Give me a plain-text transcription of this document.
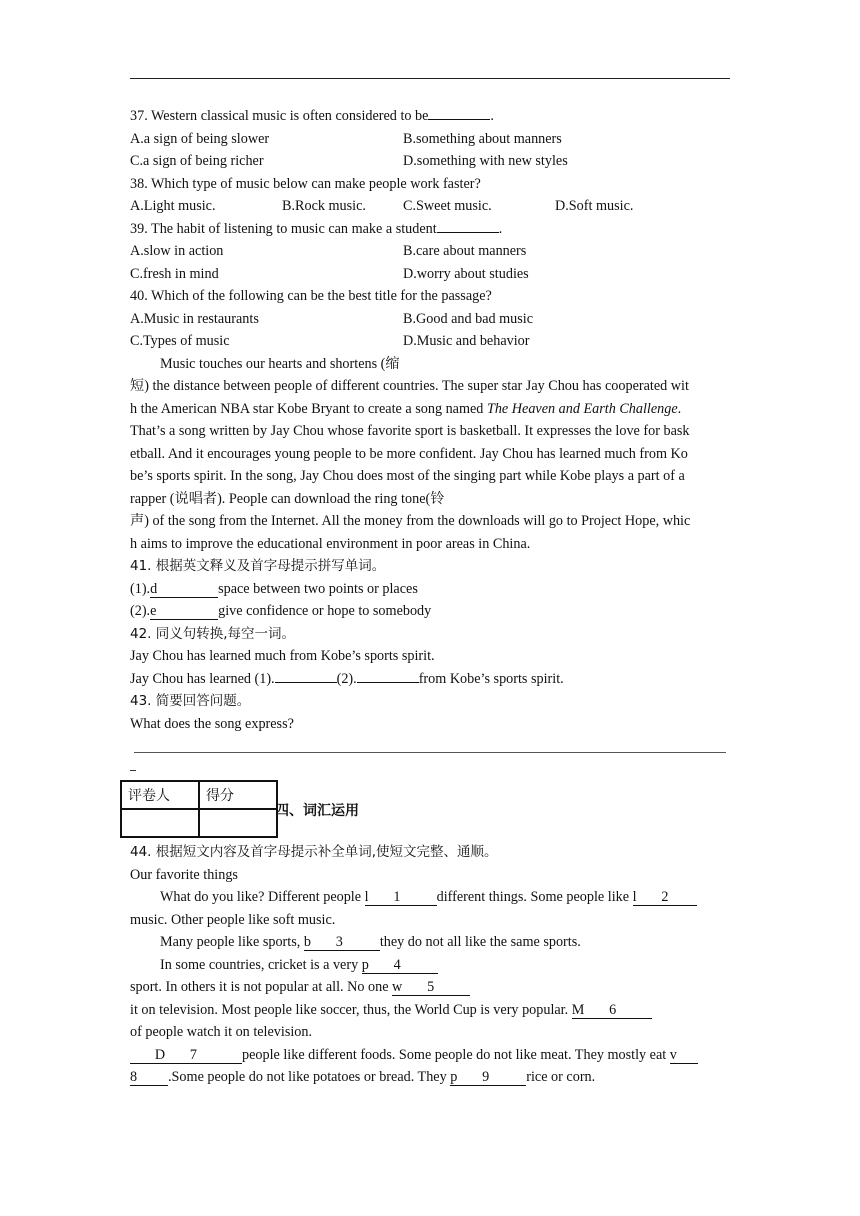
37. Western classical music is often considered to be	.
A.a sign of being slower	B.something about manners
C.a sign of being richer	D.something with new styles
38. Which type of music below can make people work faster?
A.Light music.	B.Rock music.	C.Sweet music.	D.Soft music.
39. The habit of listening to music can make a student	.
A.slow in action	B.care about manners
C.fresh in mind	D.worry about studies
40. Which of the following can be the best title for the passage?
A.Music in restaurants	B.Good and bad music
C.Types of music	D.Music and behavior
Music touches our hearts and shortens (缩
短) the distance between people of different countries. The super star Jay Chou has cooperated wit
h the American NBA star Kobe Bryant to create a song named The Heaven and Earth Challenge.
That’s a song written by Jay Chou whose favorite sport is basketball. It expresses the love for bask
etball. And it encourages young people to be more confident. Jay Chou has learned much from Ko
be’s sports spirit. In the song, Jay Chou does most of the singing part while Kobe plays a part of a
rapper (说唱者). People can download the ring tone(铃
声) of the song from the Internet. All the money from the downloads will go to Project Hope, whic
h aims to improve the educational environment in poor areas in China.
41. 根据英文释义及首字母提示拼写单词。
(1).d	space between two points or places
(2).e	give confidence or hope to somebody
42. 同义句转换,每空一词。
Jay Chou has learned much from Kobe’s sports spirit.
Jay Chou has learned (1).	(2).	from Kobe’s sports spirit.
43. 简要回答问题。
What does the song express?
评卷人	得分

四、词汇运用
44. 根据短文内容及首字母提示补全单词,使短文完整、通顺。
Our favorite things
What do you like? Different people l       1	different things. Some people like l       2
music. Other people like soft music.
Many people like sports, b       3	they do not all like the same sports.
In some countries, cricket is a very p       4
sport. In others it is not popular at all. No one w       5
it on television. Most people like soccer, thus, the World Cup is very popular. M       6
of people watch it on television.
D       7	people like different foods. Some people do not like meat. They mostly eat v
8 .Some people do not like potatoes or bread. They p       9	rice or corn.
